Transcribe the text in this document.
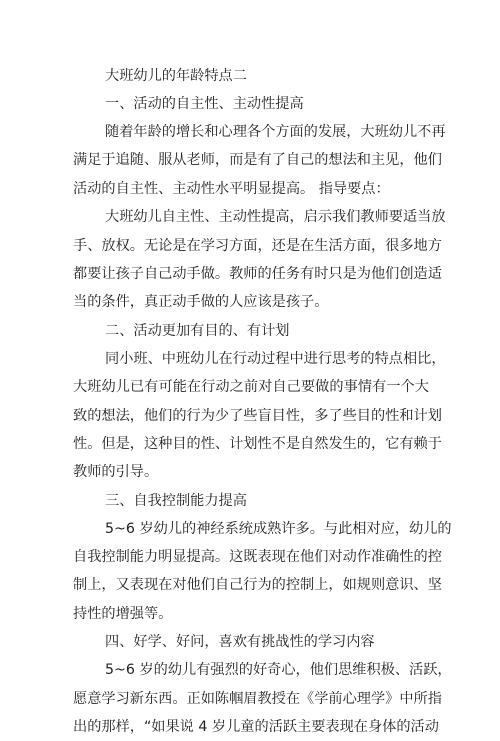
大班幼儿的年龄特点二
一、活动的自主性、主动性提高
随着年龄的增长和心理各个方面的发展，大班幼儿不再
满足于追随、服从老师，而是有了自己的想法和主见，他们
活动的自主性、主动性水平明显提高。 指导要点：
大班幼儿自主性、主动性提高，启示我们教师要适当放
手、放权。无论是在学习方面，还是在生活方面，很多地方
都要让孩子自己动手做。教师的任务有时只是为他们创造适
当的条件，真正动手做的人应该是孩子。
二、活动更加有目的、有计划
同小班、中班幼儿在行动过程中进行思考的特点相比，
大班幼儿已有可能在行动之前对自己要做的事情有一个大
致的想法，他们的行为少了些盲目性，多了些目的性和计划
性。但是，这种目的性、计划性不是自然发生的，它有赖于
教师的引导。
三、自我控制能力提高
5~6 岁幼儿的神经系统成熟许多。与此相对应，幼儿的
自我控制能力明显提高。这既表现在他们对动作准确性的控
制上，又表现在对他们自己行为的控制上，如规则意识、坚
持性的增强等。
四、好学、好问，喜欢有挑战性的学习内容
5~6 岁的幼儿有强烈的好奇心，他们思维积极、活跃，
愿意学习新东西。正如陈帼眉教授在《学前心理学》中所指
出的那样，“如果说 4 岁儿童的活跃主要表现在身体的活动
